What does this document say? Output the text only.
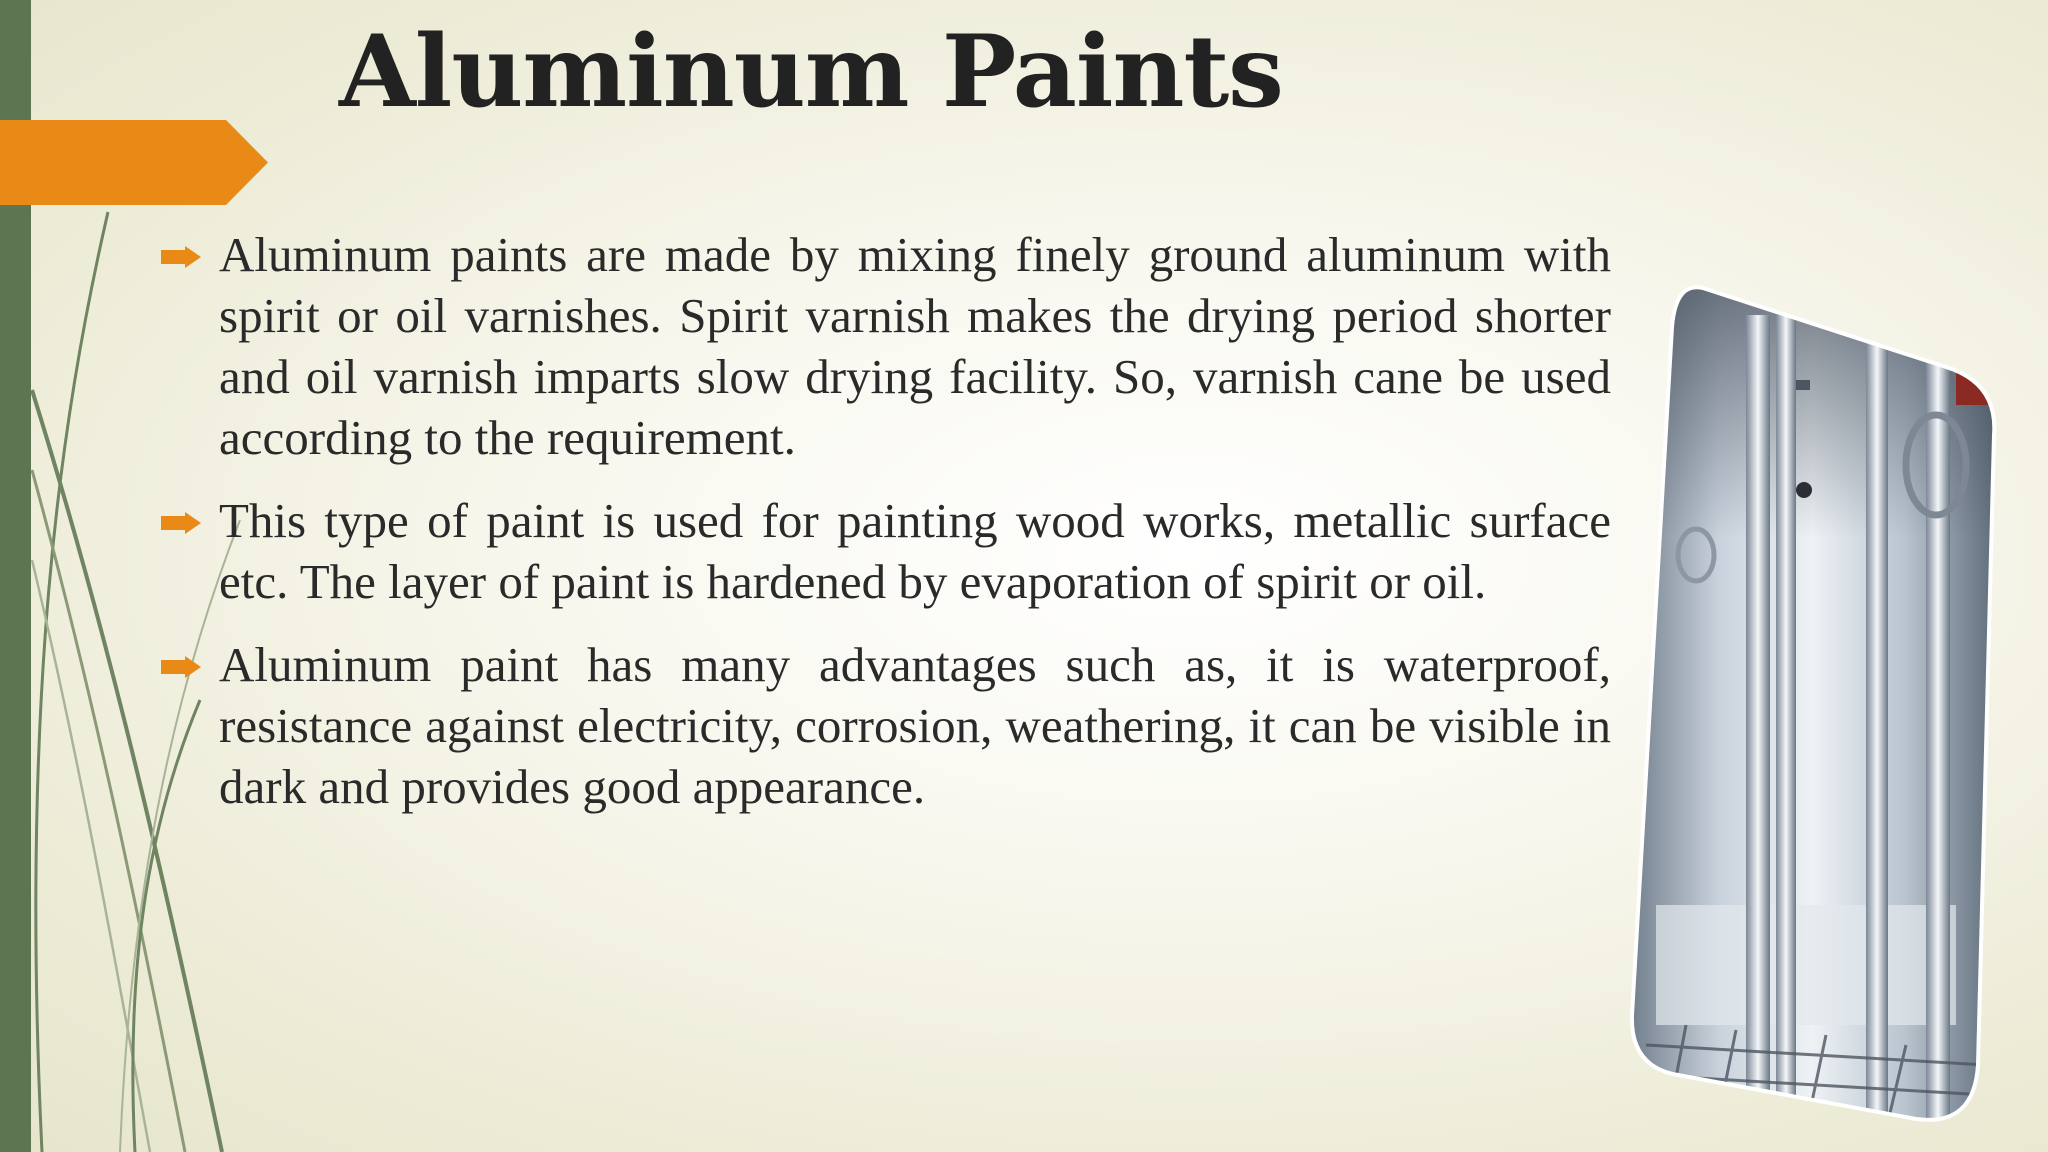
Aluminum Paints
Aluminum paints are made by mixing finely ground aluminum with spirit or oil varnishes. Spirit varnish makes the drying period shorter and oil varnish imparts slow drying facility. So, varnish cane be used according to the requirement.
This type of paint is used for painting wood works, metallic surface etc. The layer of paint is hardened by evaporation of spirit or oil.
Aluminum paint has many advantages such as, it is waterproof, resistance against electricity, corrosion, weathering, it can be visible in dark and provides good appearance.
